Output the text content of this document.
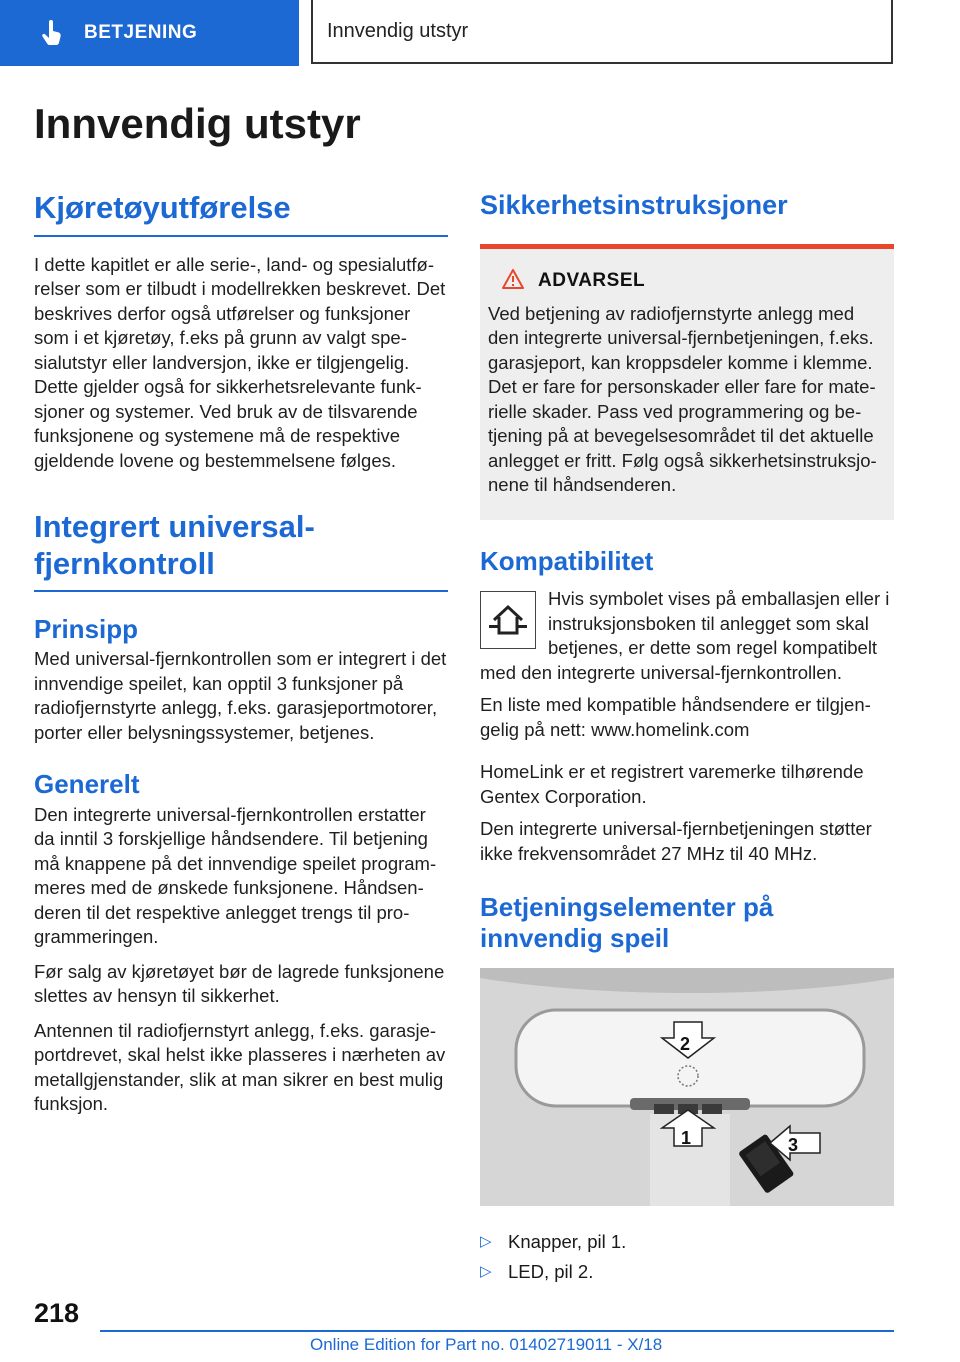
BETJENING	Innvendig utstyr
Innvendig utstyr
Kjøretøyutførelse

I dette kapitlet er alle serie-, land- og spesialutførelser som er tilbudt i modellrekken beskrevet. Det beskrives derfor også utførelser og funksjoner som i et kjøretøy, f.eks på grunn av valgt spesialutstyr eller landversjon, ikke er tilgjengelig. Dette gjelder også for sikkerhetsrelevante funksjoner og systemer. Ved bruk av de tilsvarende funksjonene og systemene må de respektive gjeldende lovene og bestemmelsene følges.

Integrert universal-fjernkontroll
Prinsipp

Med universal-fjernkontrollen som er integrert i det innvendige speilet, kan opptil 3 funksjoner på radiofjernstyrte anlegg, f.eks. garasjeportmotorer, porter eller belysningssystemer, betjenes.

Generelt

Den integrerte universal-fjernkontrollen erstatter da inntil 3 forskjellige håndsendere. Til betjening må knappene på det innvendige speilet programmeres med de ønskede funksjonene. Håndsenderen til det respektive anlegget trengs til programmeringen.

Før salg av kjøretøyet bør de lagrede funksjonene slettes av hensyn til sikkerhet.

Antennen til radiofjernstyrt anlegg, f.eks. garasjeportdrevet, skal helst ikke plasseres i nærheten av metallgjenstander, slik at man sikrer en best mulig funksjon.

Sikkerhetsinstruksjoner
ADVARSEL

Ved betjening av radiofjernstyrte anlegg med den integrerte universal-fjernbetjeningen, f.eks. garasjeport, kan kroppsdeler komme i klemme. Det er fare for personskader eller fare for materielle skader. Pass ved programmering og betjening på at bevegelsesområdet til det aktuelle anlegget er fritt. Følg også sikkerhetsinstruksjonene til håndsenderen.

Kompatibilitet

Hvis symbolet vises på emballasjen eller i instruksjonsboken til anlegget som skal betjenes, er dette som regel kompatibelt med den integrerte universal-fjernkontrollen.

En liste med kompatible håndsendere er tilgjengelig på nett: www.homelink.com

HomeLink er et registrert varemerke tilhørende Gentex Corporation.

Den integrerte universal-fjernbetjeningen støtter ikke frekvensområdet 27 MHz til 40 MHz.

Betjeningselementer på innvendig speil
2
1	3
▷ Knapper, pil 1.
▷ LED, pil 2.
218
Online Edition for Part no. 01402719011 - X/18
